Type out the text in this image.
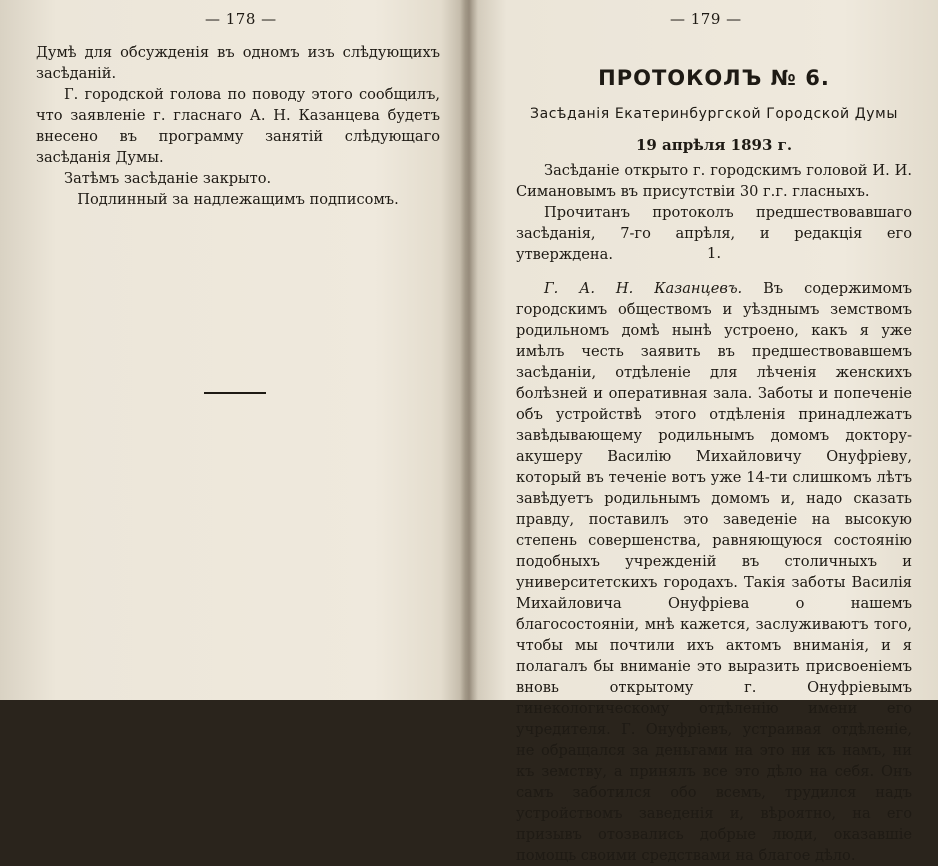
— 178 —

Думѣ для обсужденія въ одномъ изъ слѣдующихъ засѣданій.

Г. городской голова по поводу этого сообщилъ, что заявленіе г. гласнаго А. Н. Казанцева будетъ внесено въ программу занятій слѣдующаго засѣданія Думы.

Затѣмъ засѣданіе закрыто.

Подлинный за надлежащимъ подписомъ.

— 179 —
ПРОТОКОЛЪ № 6.
Засѣданія Екатеринбургской Городской Думы
19 апрѣля 1893 г.

Засѣданіе открыто г. городскимъ головой И. И. Симановымъ въ присутствіи 30 г.г. гласныхъ.

Прочитанъ протоколъ предшествовавшаго засѣданія, 7-го апрѣля, и редакція его утверждена.	1.

Г. А. Н. Казанцевъ. Въ содержимомъ городскимъ обществомъ и уѣзднымъ земствомъ родильномъ домѣ нынѣ устроено, какъ я уже имѣлъ честь заявить въ предшествовавшемъ засѣданіи, отдѣленіе для лѣченія женскихъ болѣзней и оперативная зала. Заботы и попеченіе объ устройствѣ этого отдѣленія принадлежатъ завѣдывающему родильнымъ домомъ доктору-акушеру Василію Михайловичу Онуфріеву, который въ теченіе вотъ уже 14-ти слишкомъ лѣтъ завѣдуетъ родильнымъ домомъ и, надо сказать правду, поставилъ это заведеніе на высокую степень совершенства, равняющуюся состоянію подобныхъ учрежденій въ столичныхъ и университетскихъ городахъ. Такія заботы Василія Михайловича Онуфріева о нашемъ благосостояніи, мнѣ кажется, заслуживаютъ того, чтобы мы почтили ихъ актомъ вниманія, и я полагалъ бы вниманіе это выразить присвоеніемъ вновь открытому г. Онуфріевымъ гинекологическому отдѣленію имени его учредителя. Г. Онуфріевъ, устраивая отдѣленіе, не обращался за деньгами на это ни къ намъ, ни къ земству, а принялъ все это дѣло на себя. Онъ самъ заботился обо всемъ, трудился надъ устройствомъ заведенія и, вѣроятно, на его призывъ отозвались добрые люди, оказавшіе помощь своими средствами на благое дѣло.
